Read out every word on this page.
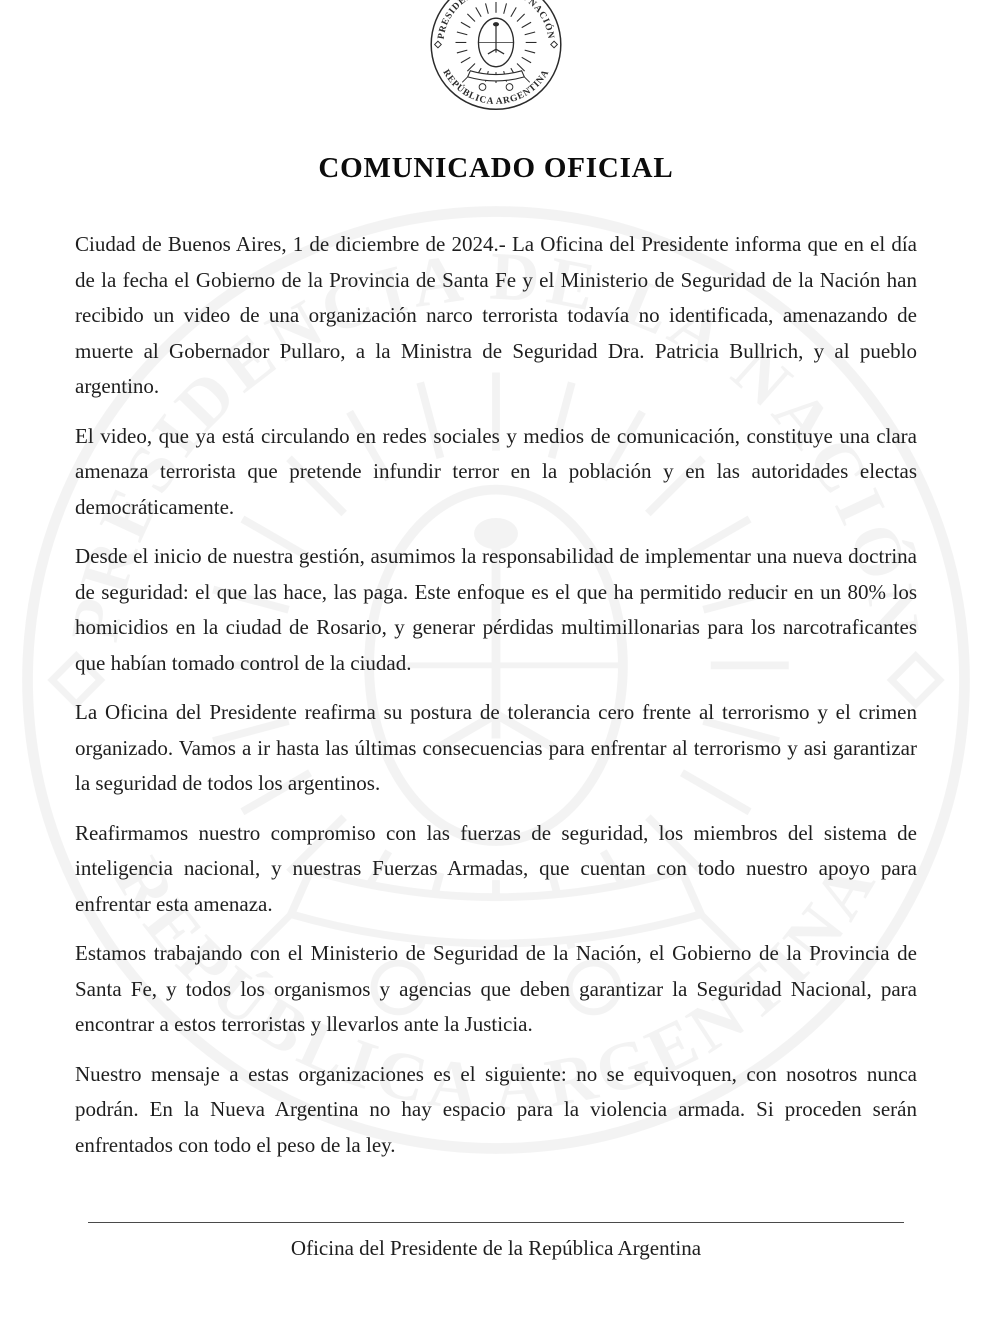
COMUNICADO OFICIAL

Ciudad de Buenos Aires, 1 de diciembre de 2024.- La Oficina del Presidente informa que en el día de la fecha el Gobierno de la Provincia de Santa Fe y el Ministerio de Seguridad de la Nación han recibido un video de una organización narco terrorista todavía no identificada, amenazando de muerte al Gobernador Pullaro, a la Ministra de Seguridad Dra. Patricia Bullrich, y al pueblo argentino.

El video, que ya está circulando en redes sociales y medios de comunicación, constituye una clara amenaza terrorista que pretende infundir terror en la población y en las autoridades electas democráticamente.

Desde el inicio de nuestra gestión, asumimos la responsabilidad de implementar una nueva doctrina de seguridad: el que las hace, las paga. Este enfoque es el que ha permitido reducir en un 80% los homicidios en la ciudad de Rosario, y generar pérdidas multimillonarias para los narcotraficantes que habían tomado control de la ciudad.

La Oficina del Presidente reafirma su postura de tolerancia cero frente al terrorismo y el crimen organizado. Vamos a ir hasta las últimas consecuencias para enfrentar al terrorismo y asi garantizar la seguridad de todos los argentinos.

Reafirmamos nuestro compromiso con las fuerzas de seguridad, los miembros del sistema de inteligencia nacional, y nuestras Fuerzas Armadas, que cuentan con todo nuestro apoyo para enfrentar esta amenaza.

Estamos trabajando con el Ministerio de Seguridad de la Nación, el Gobierno de la Provincia de Santa Fe, y todos los organismos y agencias que deben garantizar la Seguridad Nacional, para encontrar a estos terroristas y llevarlos ante la Justicia.

Nuestro mensaje a estas organizaciones es el siguiente: no se equivoquen, con nosotros nunca podrán. En la Nueva Argentina no hay espacio para la violencia armada. Si proceden serán enfrentados con todo el peso de la ley.

Oficina del Presidente de la República Argentina
